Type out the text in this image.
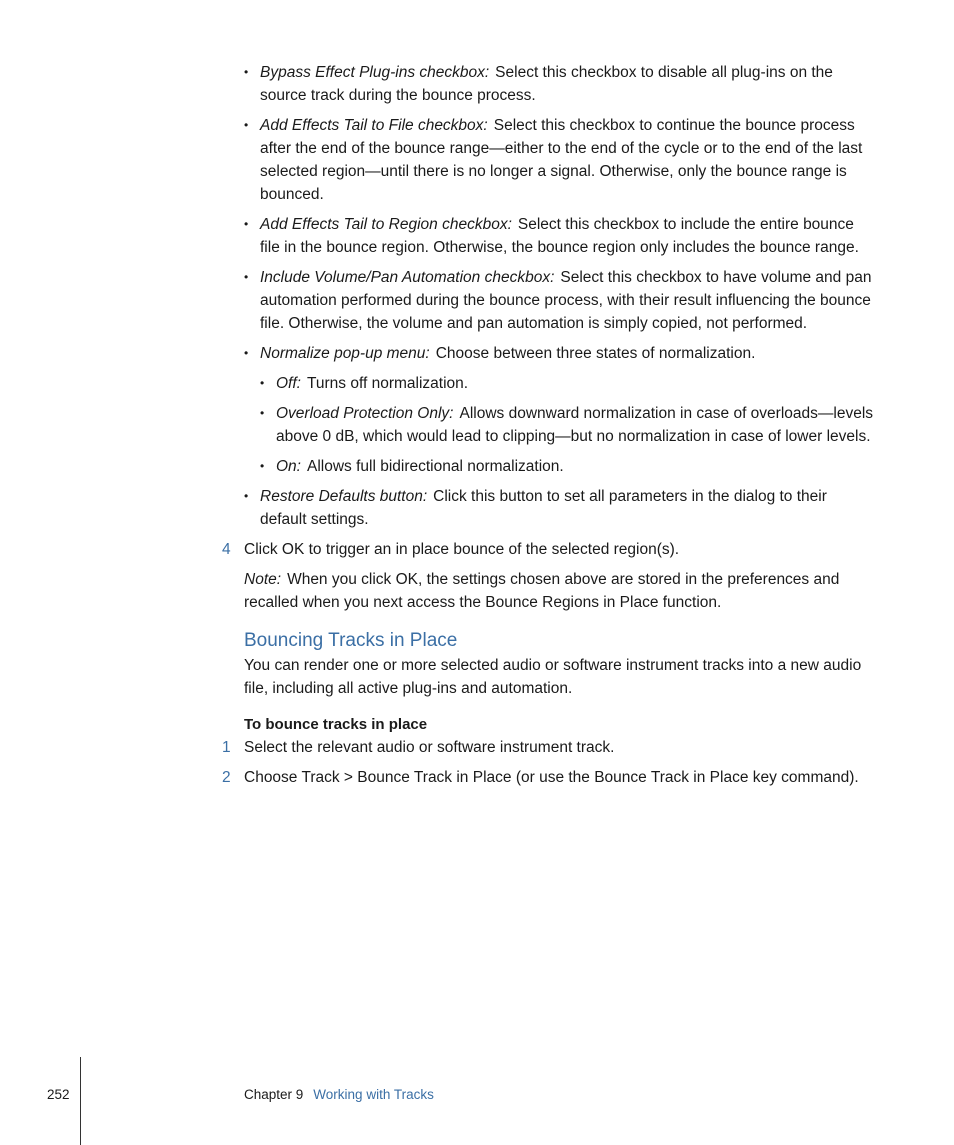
• Bypass Effect Plug-ins checkbox: Select this checkbox to disable all plug-ins on the source track during the bounce process.
• Add Effects Tail to File checkbox: Select this checkbox to continue the bounce process after the end of the bounce range—either to the end of the cycle or to the end of the last selected region—until there is no longer a signal. Otherwise, only the bounce range is bounced.
• Add Effects Tail to Region checkbox: Select this checkbox to include the entire bounce file in the bounce region. Otherwise, the bounce region only includes the bounce range.
• Include Volume/Pan Automation checkbox: Select this checkbox to have volume and pan automation performed during the bounce process, with their result influencing the bounce file. Otherwise, the volume and pan automation is simply copied, not performed.
• Normalize pop-up menu: Choose between three states of normalization.
• Off: Turns off normalization.
• Overload Protection Only: Allows downward normalization in case of overloads—levels above 0 dB, which would lead to clipping—but no normalization in case of lower levels.
• On: Allows full bidirectional normalization.
• Restore Defaults button: Click this button to set all parameters in the dialog to their default settings.
4 Click OK to trigger an in place bounce of the selected region(s).
Note: When you click OK, the settings chosen above are stored in the preferences and recalled when you next access the Bounce Regions in Place function.
Bouncing Tracks in Place

You can render one or more selected audio or software instrument tracks into a new audio file, including all active plug-ins and automation.

To bounce tracks in place

1 Select the relevant audio or software instrument track.
2 Choose Track > Bounce Track in Place (or use the Bounce Track in Place key command).
252	Chapter 9 Working with Tracks
